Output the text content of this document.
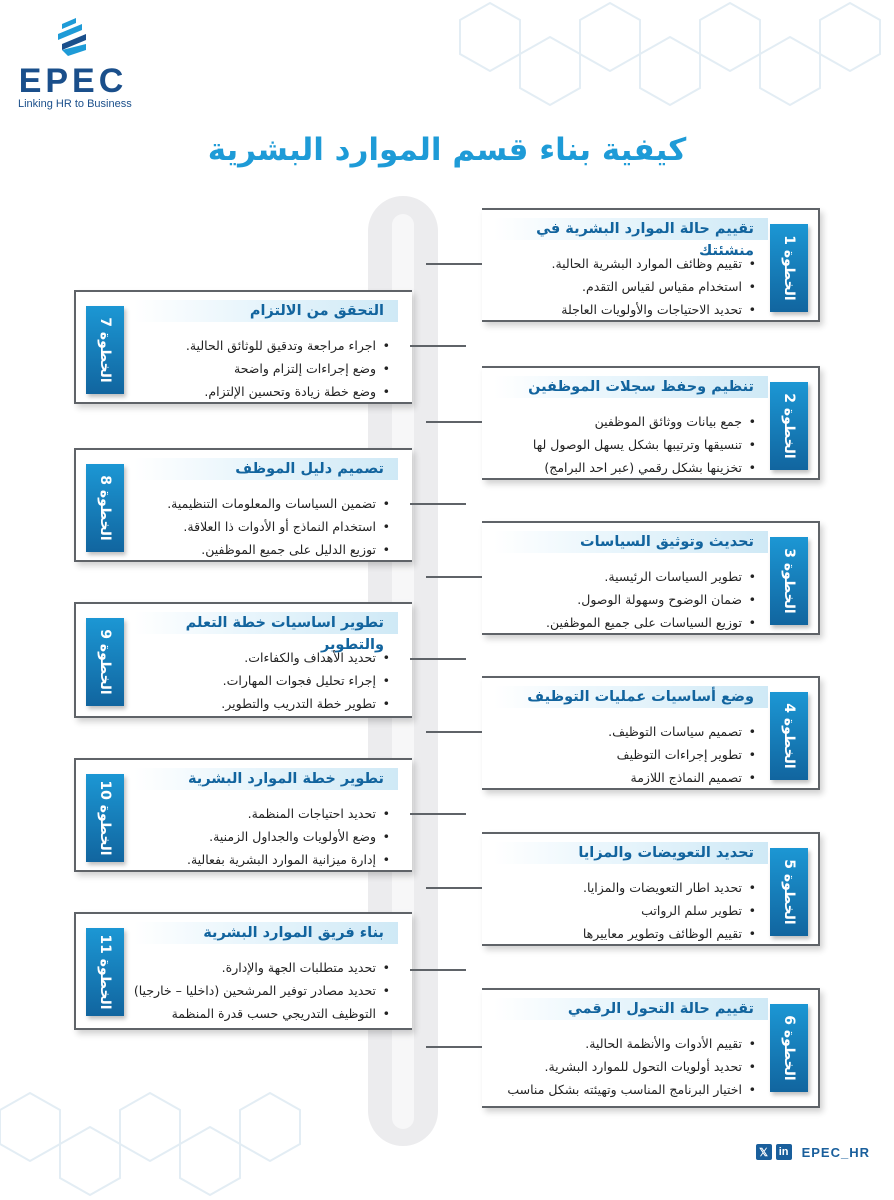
EPEC
Linking HR to Business
كيفية بناء قسم الموارد البشرية
الخطوة 1
تقييم حالة الموارد البشرية في منشئتك
• تقييم وظائف الموارد البشرية الحالية.
• استخدام مقياس لقياس التقدم.
• تحديد الاحتياجات والأولويات العاجلة
الخطوة 2
تنظيم وحفظ سجلات الموظفين
• جمع بيانات ووثائق الموظفين
• تنسيقها وترتيبها بشكل يسهل الوصول لها
• تخزينها بشكل رقمي (عبر احد البرامج)
الخطوة 3
تحديث وتوثيق السياسات
• تطوير السياسات الرئيسية.
• ضمان الوضوح وسهولة الوصول.
• توزيع السياسات على جميع الموظفين.
الخطوة 4
وضع أساسيات عمليات التوظيف
• تصميم سياسات التوظيف.
• تطوير إجراءات التوظيف
• تصميم النماذج اللازمة
الخطوة 5
تحديد التعويضات والمزايا
• تحديد اطار التعويضات والمزايا.
• تطوير سلم الرواتب
• تقييم الوظائف وتطوير معاييرها
الخطوة 6
تقييم حالة التحول الرقمي
• تقييم الأدوات والأنظمة الحالية.
• تحديد أولويات التحول للموارد البشرية.
• اختيار البرنامج المناسب وتهيئته بشكل مناسب
الخطوة 7
التحقق من الالتزام
• اجراء مراجعة وتدقيق للوثائق الحالية.
• وضع إجراءات إلتزام واضحة
• وضع خطة زيادة وتحسين الإلتزام.
الخطوة 8
تصميم دليل الموظف
• تضمين السياسات والمعلومات التنظيمية.
• استخدام النماذج أو الأدوات ذا العلاقة.
• توزيع الدليل على جميع الموظفين.
الخطوة 9
تطوير اساسيات خطة التعلم والتطوير
• تحديد الأهداف والكفاءات.
• إجراء تحليل فجوات المهارات.
• تطوير خطة التدريب والتطوير.
الخطوة 10
تطوير خطة الموارد البشرية
• تحديد احتياجات المنظمة.
• وضع الأولويات والجداول الزمنية.
• إدارة ميزانية الموارد البشرية بفعالية.
الخطوة 11
بناء فريق الموارد البشرية
• تحديد متطلبات الجهة والإدارة.
• تحديد مصادر توفير المرشحين (داخليا – خارجيا)
• التوظيف التدريجي حسب قدرة المنظمة
𝕏 in EPEC_HR
